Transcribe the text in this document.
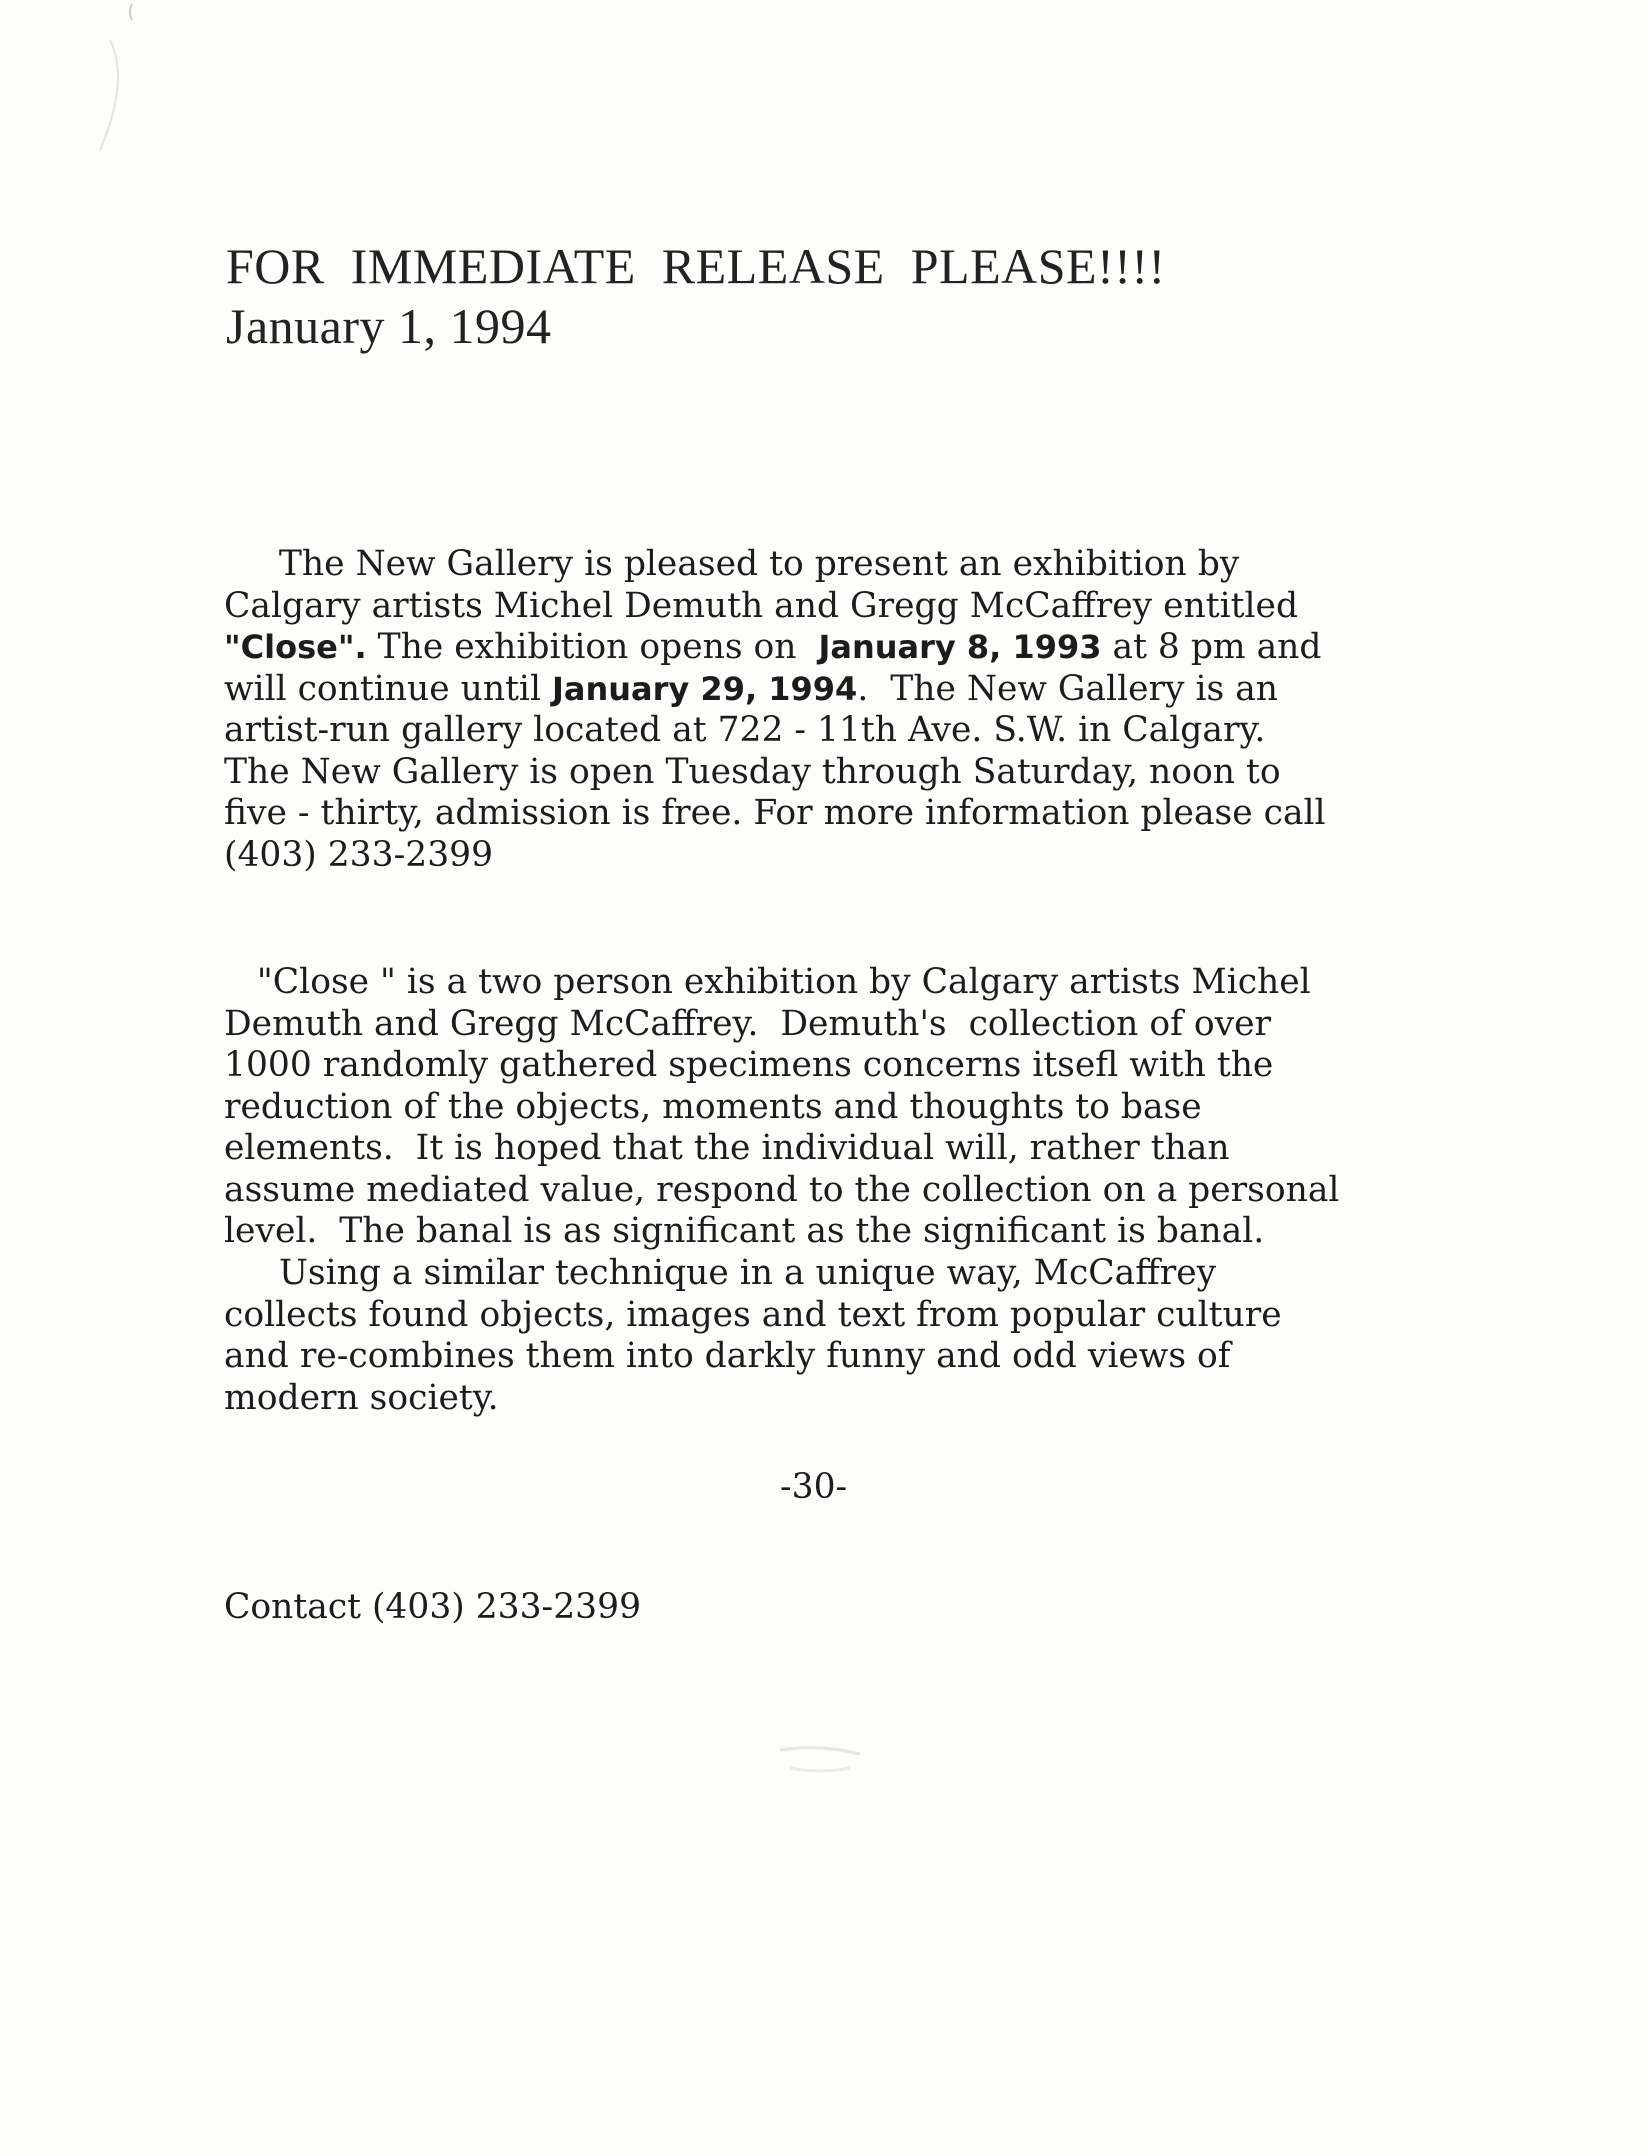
FOR  IMMEDIATE  RELEASE  PLEASE!!!!
January 1, 1994
The New Gallery is pleased to present an exhibition by
Calgary artists Michel Demuth and Gregg McCaffrey entitled
"Close". The exhibition opens on  January 8, 1993 at 8 pm and
will continue until January 29, 1994.  The New Gallery is an
artist-run gallery located at 722 - 11th Ave. S.W. in Calgary.
The New Gallery is open Tuesday through Saturday, noon to
five - thirty, admission is free. For more information please call
(403) 233-2399
"Close " is a two person exhibition by Calgary artists Michel
Demuth and Gregg McCaffrey.  Demuth's  collection of over
1000 randomly gathered specimens concerns itsefl with the
reduction of the objects, moments and thoughts to base
elements.  It is hoped that the individual will, rather than
assume mediated value, respond to the collection on a personal
level.  The banal is as significant as the significant is banal.
Using a similar technique in a unique way, McCaffrey
collects found objects, images and text from popular culture
and re-combines them into darkly funny and odd views of
modern society.
-30-
Contact (403) 233-2399
